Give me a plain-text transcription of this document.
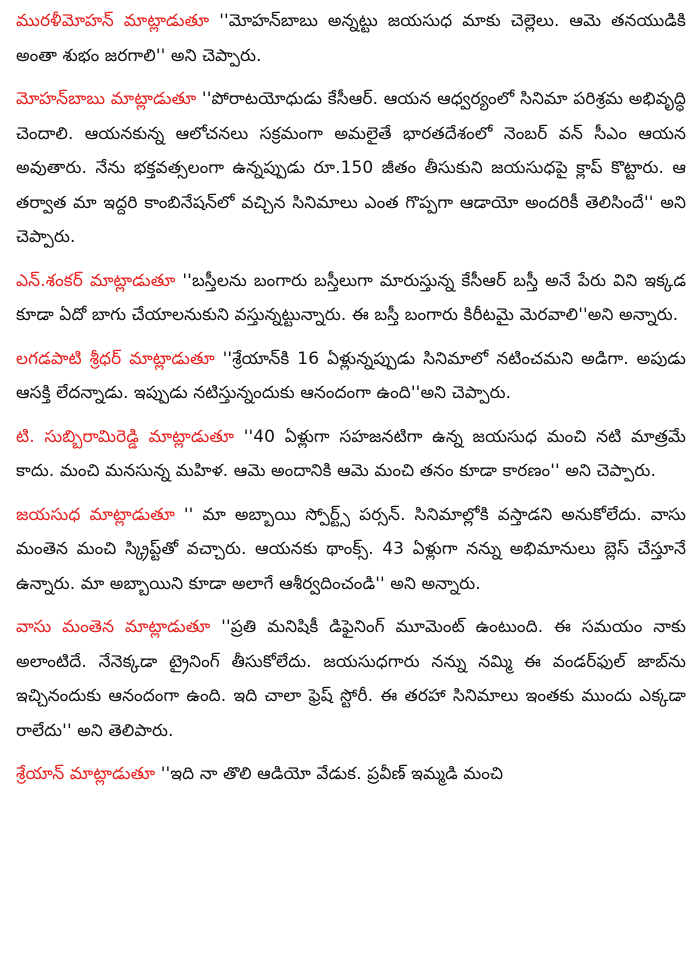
మురళీమోహన్ మాట్లాడుతూ ''మోహన్‌బాబు అన్నట్టు జయసుధ మాకు చెల్లెలు. ఆమె తనయుడికి అంతా శుభం జరగాలి'' అని చెప్పారు.

మోహన్‌బాబు మాట్లాడుతూ ''పోరాటయోధుడు కేసీఆర్. ఆయన ఆధ్వర్యంలో సినిమా పరిశ్రమ అభివృద్ధి చెందాలి. ఆయనకున్న ఆలోచనలు సక్రమంగా అమలైతే భారతదేశంలో నెంబర్ వన్ సీఎం ఆయన అవుతారు. నేను భక్తవత్సలంగా ఉన్నప్పుడు రూ.150 జీతం తీసుకుని జయసుధపై క్లాప్ కొట్టారు. ఆ తర్వాత మా ఇద్దరి కాంబినేషన్‌లో వచ్చిన సినిమాలు ఎంత గొప్పగా ఆడాయో అందరికీ తెలిసిందే'' అని చెప్పారు.

ఎన్.శంకర్ మాట్లాడుతూ ''బస్తీలను బంగారు బస్తీలుగా మారుస్తున్న కేసీఆర్ బస్తీ అనే పేరు విని ఇక్కడ కూడా ఏదో బాగు చేయాలనుకుని వస్తున్నట్టున్నారు. ఈ బస్తీ బంగారు కిరీటమై మెరవాలి''అని అన్నారు.

లగడపాటి శ్రీధర్ మాట్లాడుతూ ''శ్రేయాన్‌కి 16 ఏళ్లున్నప్పుడు సినిమాలో నటించమని అడిగా. అపుడు ఆసక్తి లేదన్నాడు. ఇప్పుడు నటిస్తున్నందుకు ఆనందంగా ఉంది''అని చెప్పారు.

టి. సుబ్బిరామిరెడ్డి మాట్లాడుతూ ''40 ఏళ్లుగా సహజనటిగా ఉన్న జయసుధ మంచి నటి మాత్రమే కాదు. మంచి మనసున్న మహిళ. ఆమె అందానికి ఆమె మంచి తనం కూడా కారణం'' అని చెప్పారు.

జయసుధ మాట్లాడుతూ '' మా అబ్బాయి స్పోర్ట్స్ పర్సన్. సినిమాల్లోకి వస్తాడని అనుకోలేదు. వాసు మంతెన మంచి స్క్రిప్ట్‌తో వచ్చారు. ఆయనకు థాంక్స్. 43 ఏళ్లుగా నన్ను అభిమానులు బ్లెస్ చేస్తూనే ఉన్నారు. మా అబ్బాయిని కూడా అలాగే ఆశీర్వదించండి'' అని అన్నారు.

వాసు మంతెన మాట్లాడుతూ ''ప్రతి మనిషికీ డిఫైనింగ్ మూమెంట్ ఉంటుంది. ఈ సమయం నాకు అలాంటిదే. నేనెక్కడా ట్రైనింగ్ తీసుకోలేదు. జయసుధగారు నన్ను నమ్మి ఈ వండర్‌ఫుల్ జాబ్‌ను ఇచ్చినందుకు ఆనందంగా ఉంది. ఇది చాలా ఫ్రెష్ స్టోరీ. ఈ తరహా సినిమాలు ఇంతకు ముందు ఎక్కడా రాలేదు'' అని తెలిపారు.

శ్రేయాన్ మాట్లాడుతూ ''ఇది నా తొలి ఆడియో వేడుక. ప్రవీణ్ ఇమ్మడి మంచి
